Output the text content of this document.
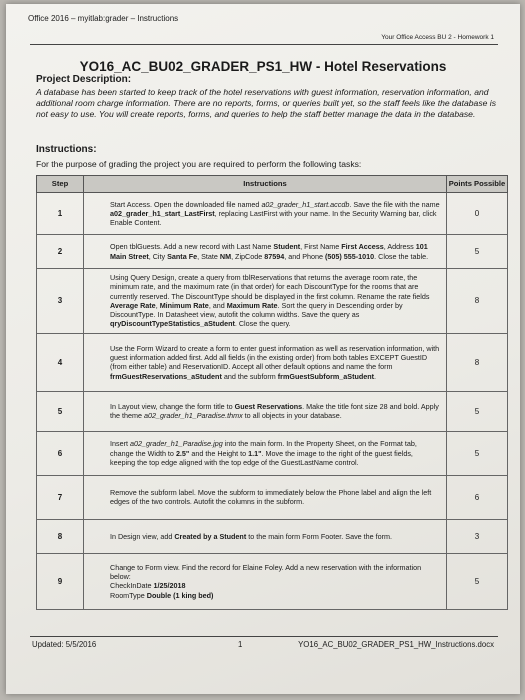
Office 2016 – myitlab:grader – Instructions
Your Office Access BU 2 - Homework 1
YO16_AC_BU02_GRADER_PS1_HW - Hotel Reservations
Project Description:
A database has been started to keep track of the hotel reservations with guest information, reservation information, and additional room charge information. There are no reports, forms, or queries built yet, so the staff feels like the database is not easy to use. You will create reports, forms, and queries to help the staff better manage the data in the database.
Instructions:
For the purpose of grading the project you are required to perform the following tasks:
Step	Instructions	Points Possible
1	Start Access. Open the downloaded file named a02_grader_h1_start.accdb. Save the file with the name a02_grader_h1_start_LastFirst, replacing LastFirst with your name. In the Security Warning bar, click Enable Content.	0
2	Open tblGuests. Add a new record with Last Name Student, First Name First Access, Address 101 Main Street, City Santa Fe, State NM, ZipCode 87594, and Phone (505) 555-1010. Close the table.	5
3	Using Query Design, create a query from tblReservations that returns the average room rate, the minimum rate, and the maximum rate (in that order) for each DiscountType for the rooms that are currently reserved. The DiscountType should be displayed in the first column. Rename the rate fields Average Rate, Minimum Rate, and Maximum Rate. Sort the query in Descending order by DiscountType. In Datasheet view, autofit the column widths. Save the query as qryDiscountTypeStatistics_aStudent. Close the query.	8
4	Use the Form Wizard to create a form to enter guest information as well as reservation information, with guest information added first. Add all fields (in the existing order) from both tables EXCEPT GuestID (from either table) and ReservationID. Accept all other default options and name the form frmGuestReservations_aStudent and the subform frmGuestSubform_aStudent.	8
5	In Layout view, change the form title to Guest Reservations. Make the title font size 28 and bold. Apply the theme a02_grader_h1_Paradise.thmx to all objects in your database.	5
6	Insert a02_grader_h1_Paradise.jpg into the main form. In the Property Sheet, on the Format tab, change the Width to 2.5" and the Height to 1.1". Move the image to the right of the guest fields, keeping the top edge aligned with the top edge of the GuestLastName control.	5
7	Remove the subform label. Move the subform to immediately below the Phone label and align the left edges of the two controls. Autofit the columns in the subform.	6
8	In Design view, add Created by a Student to the main form Form Footer. Save the form.	3
9	Change to Form view. Find the record for Elaine Foley. Add a new reservation with the information below:
CheckInDate 1/25/2018
RoomType Double (1 king bed)	5
Updated: 5/5/2016	1	YO16_AC_BU02_GRADER_PS1_HW_Instructions.docx
